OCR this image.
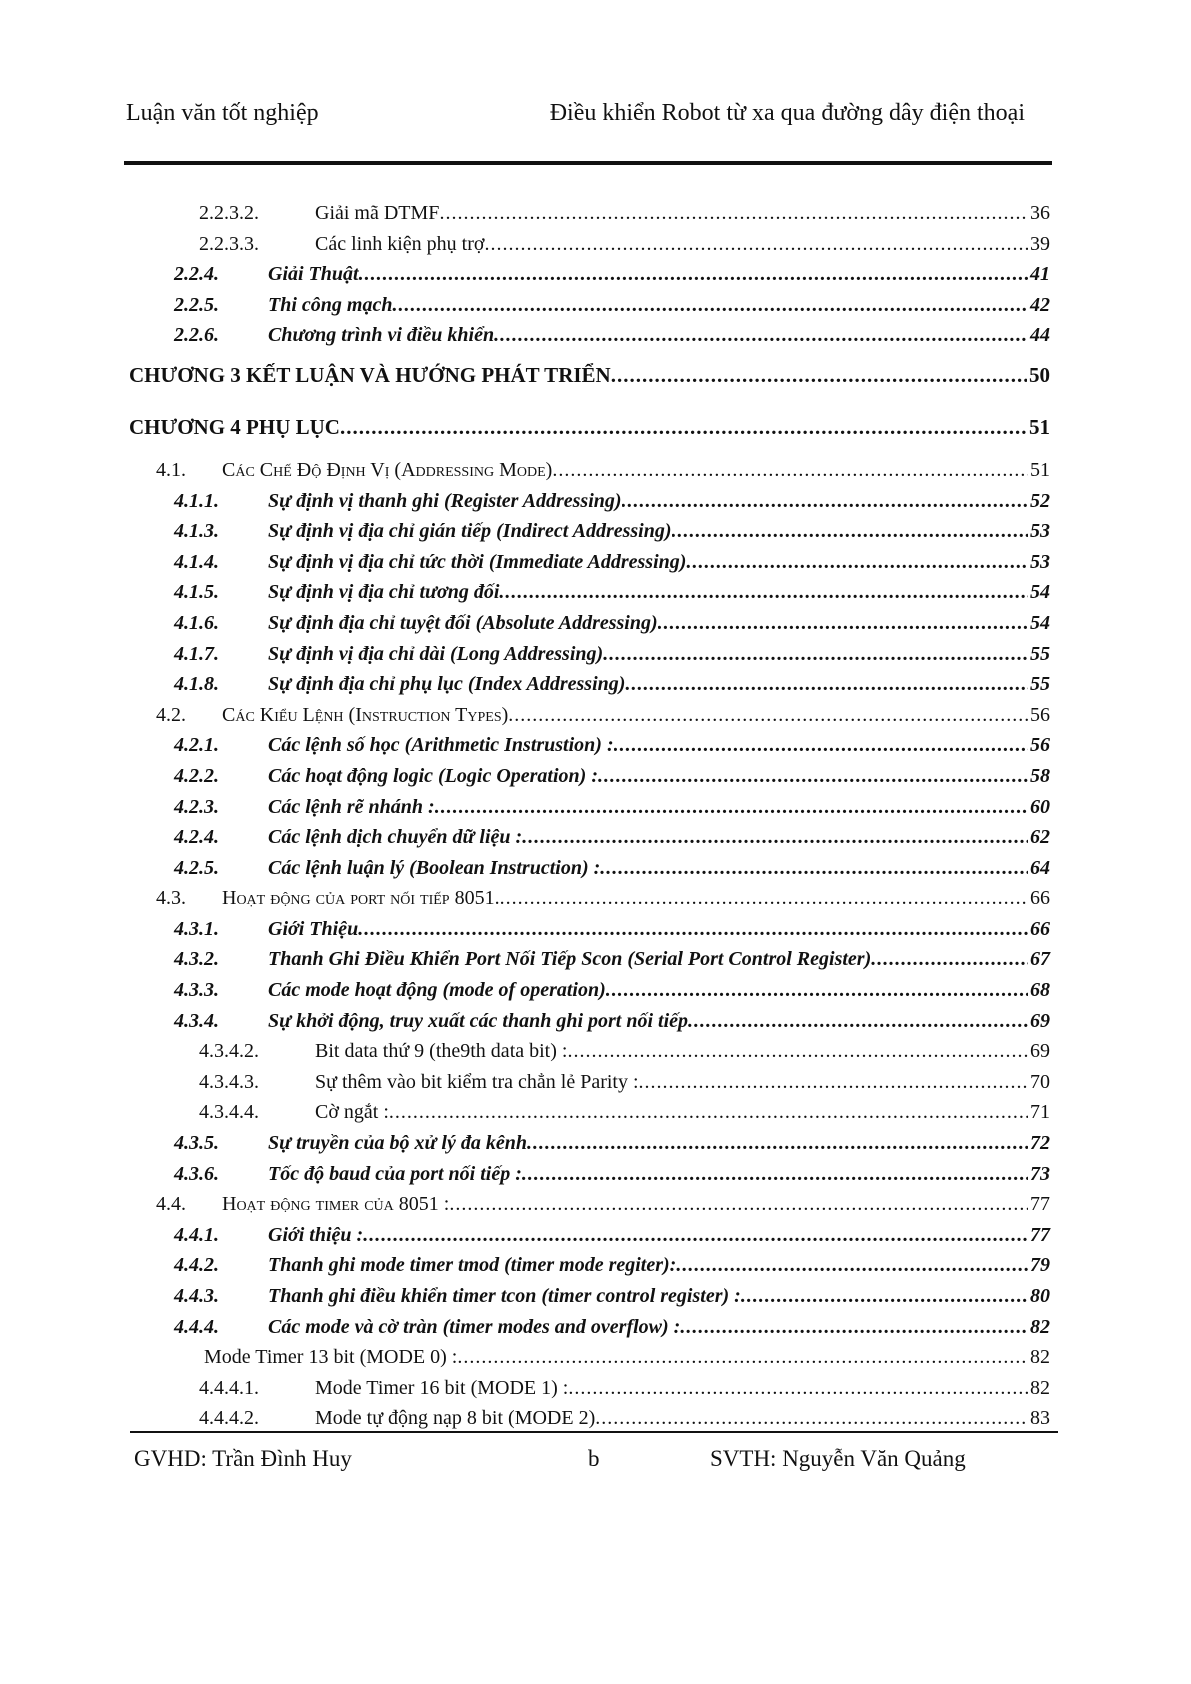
Luận văn tốt nghiệp	Điều khiển Robot từ xa qua đường dây điện thoại
2.2.3.2.	Giải mã DTMF .....	36
2.2.3.3.	Các linh kiện phụ trợ .....	39
2.2.4. Giải Thuật .....	41
2.2.5. Thi công mạch .....	42
2.2.6. Chương trình vi điều khiển .....	44
CHƯƠNG 3 KẾT LUẬN VÀ HƯỚNG PHÁT TRIỂN .....	50
CHƯƠNG 4 PHỤ LỤC .....	51
4.1. Các Chế Độ Định Vị (Addressing Mode) .....	51
4.1.1. Sự định vị thanh ghi (Register Addressing) .....	52
4.1.3. Sự định vị địa chỉ gián tiếp (Indirect Addressing) .....	53
4.1.4. Sự định vị địa chỉ tức thời (Immediate Addressing) .....	53
4.1.5. Sự định vị địa chỉ tương đối .....	54
4.1.6. Sự định địa chỉ tuyệt đối (Absolute Addressing) .....	54
4.1.7. Sự định vị địa chỉ dài (Long Addressing) .....	55
4.1.8. Sự định địa chỉ phụ lục (Index Addressing) .....	55
4.2. Các Kiểu Lệnh (Instruction Types) .....	56
4.2.1. Các lệnh số học (Arithmetic Instrustion) : .....	56
4.2.2. Các hoạt động logic (Logic Operation) : .....	58
4.2.3. Các lệnh rẽ nhánh : .....	60
4.2.4. Các lệnh dịch chuyển dữ liệu : .....	62
4.2.5. Các lệnh luận lý (Boolean Instruction) : .....	64
4.3. Hoạt động của port nối tiếp 8051. .....	66
4.3.1. Giới Thiệu .....	66
4.3.2. Thanh Ghi Điều Khiển Port Nối Tiếp Scon (Serial Port Control Register) .....	67
4.3.3. Các mode hoạt động (mode of operation) .....	68
4.3.4. Sự khởi động, truy xuất các thanh ghi port nối tiếp .....	69
4.3.4.2.	Bit data thứ 9 (the9th data bit) : .....	69
4.3.4.3.	Sự thêm vào bit kiểm tra chẳn lẻ Parity : .....	70
4.3.4.4.	Cờ ngắt : .....	71
4.3.5. Sự truyền của bộ xử lý đa kênh .....	72
4.3.6. Tốc độ baud của port nối tiếp : .....	73
4.4. Hoạt động timer của 8051 : .....	77
4.4.1. Giới thiệu : .....	77
4.4.2. Thanh ghi mode timer tmod (timer mode regiter): .....	79
4.4.3. Thanh ghi điều khiển timer tcon (timer control register) : .....	80
4.4.4. Các mode và cờ tràn (timer modes and overflow) : .....	82
Mode Timer 13 bit (MODE 0) : .....	82
4.4.4.1.	Mode Timer 16 bit (MODE 1) : .....	82
4.4.4.2.	Mode tự động nạp 8 bit (MODE 2) .....	83
GVHD: Trần Đình Huy	b	SVTH: Nguyễn Văn Quảng
